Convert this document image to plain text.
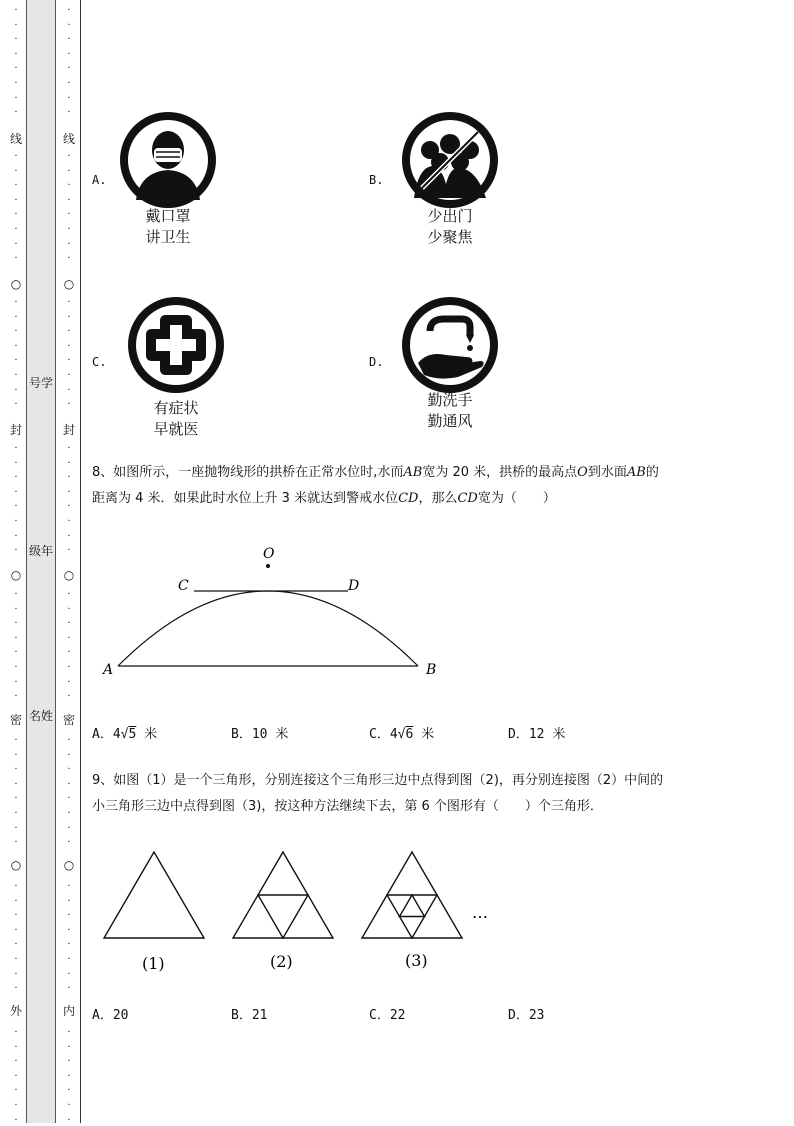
·
·
·
·
·
·
·
·
·
·
·
·
·
·
·
·
·
·
·
·
·
·
·
·
·
·
·
·
·
·
·
·
·
·
·
·
·
·
·
·
·
·
·
·
·
·
·
·
·
·
·
·
·
·
·
·
·
·
·
·
·
·
·
线
○
封
○
密
○
外
号学
级年
名姓
·
·
·
·
·
·
·
·
·
·
·
·
·
·
·
·
·
·
·
·
·
·
·
·
·
·
·
·
·
·
·
·
·
·
·
·
·
·
·
·
·
·
·
·
·
·
·
·
·
·
·
·
·
·
·
·
·
·
·
·
·
·
·
线
○
封
○
密
○
内
A.
戴口罩
讲卫生
B.
少出门
少聚焦
C.
有症状
早就医
D.
勤洗手
勤通风
8、如图所示，一座抛物线形的拱桥在正常水位时,水而AB宽为 20 米，拱桥的最高点O到水面AB的
距离为 4 米．如果此时水位上升 3 米就达到警戒水位CD，那么CD宽为（　　）
O
C	D
A	B
A．4√5 米	B．10 米	C．4√6 米	D．12 米
9、如图（1）是一个三角形，分别连接这个三角形三边中点得到图（2)，再分别连接图（2）中间的
小三角形三边中点得到图（3)，按这种方法继续下去，第 6 个图形有（　　）个三角形．
(1)	(2)	(3)
…
A．20	B．21	C．22	D．23
